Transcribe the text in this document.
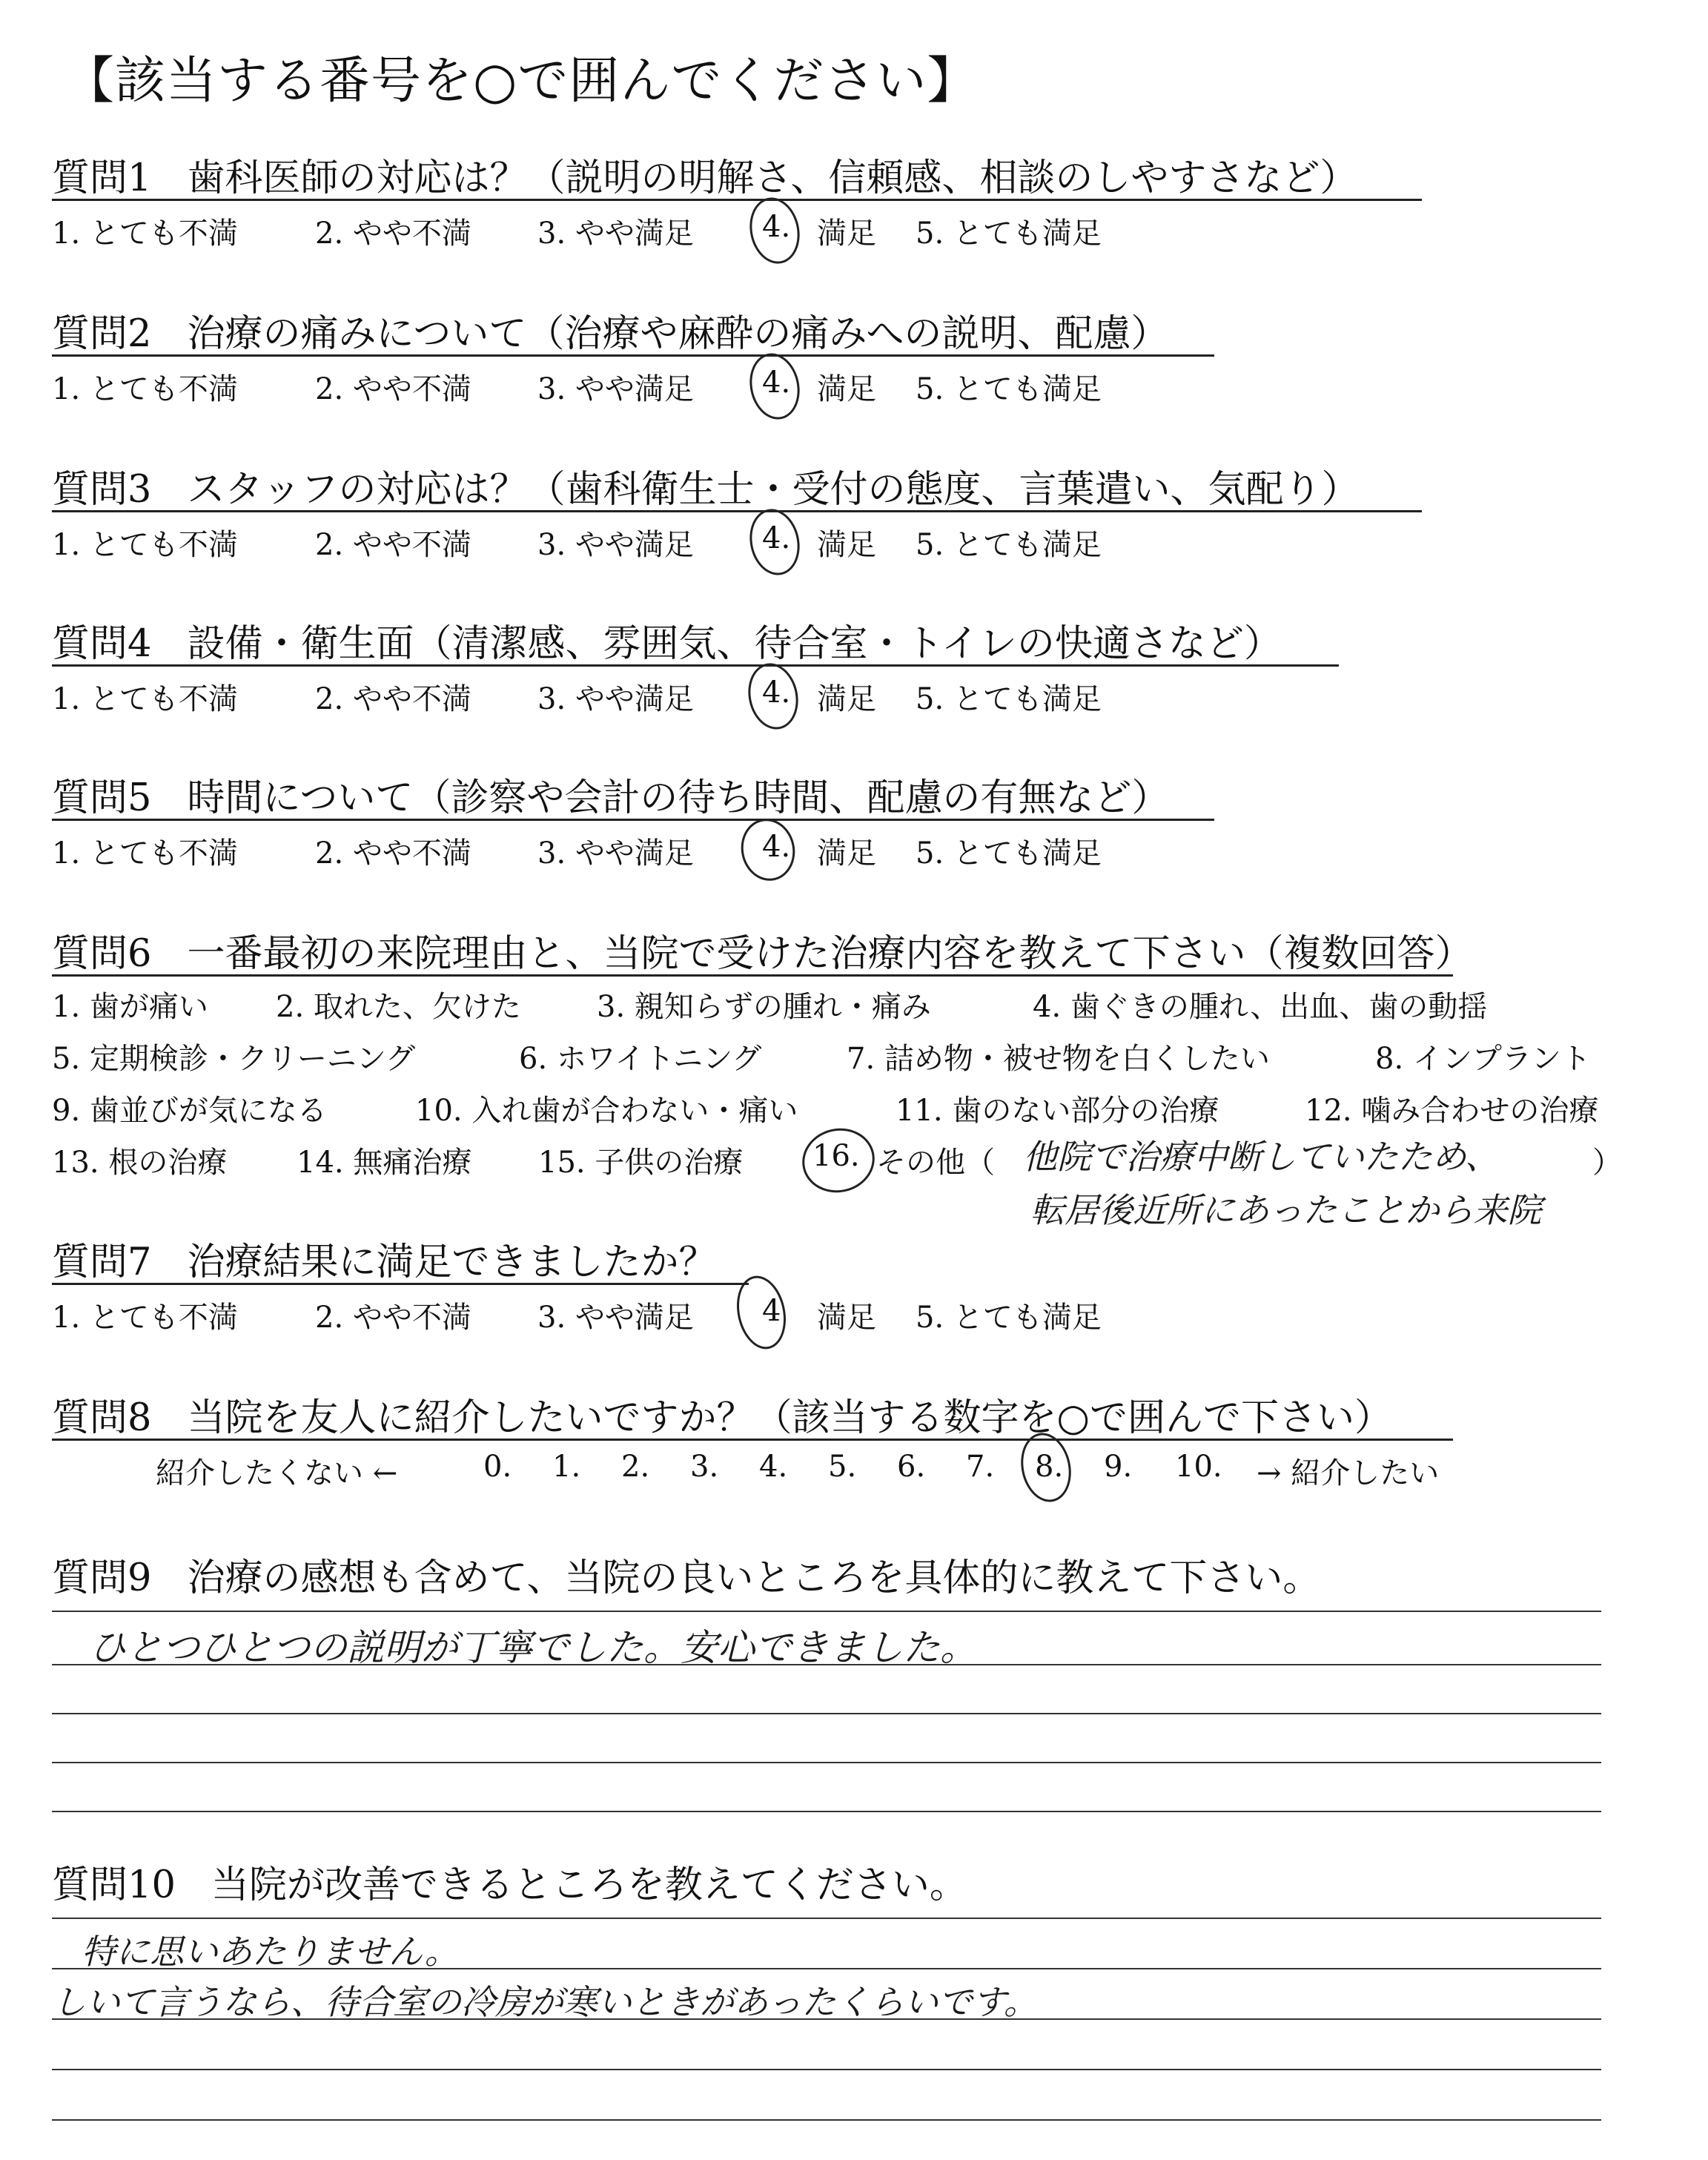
【該当する番号を○で囲んでください】
質問1 歯科医師の対応は？（説明の明解さ、信頼感、相談のしやすさなど）
1. とても不満	2. やや不満 3. やや満足 4. 満足 5. とても満足
質問2 治療の痛みについて（治療や麻酔の痛みへの説明、配慮）
1. とても不満	2. やや不満 3. やや満足 4. 満足 5. とても満足
質問3 スタッフの対応は？（歯科衛生士・受付の態度、言葉遣い、気配り）
1. とても不満	2. やや不満 3. やや満足 4. 満足 5. とても満足
質問4 設備・衛生面（清潔感、雰囲気、待合室・トイレの快適さなど）
1. とても不満	2. やや不満 3. やや満足 4. 満足 5. とても満足
質問5 時間について（診察や会計の待ち時間、配慮の有無など）
1. とても不満	2. やや不満 3. やや満足 4. 満足 5. とても満足
質問6 一番最初の来院理由と、当院で受けた治療内容を教えて下さい（複数回答）
1. 歯が痛い 2. 取れた、欠けた	3. 親知らずの腫れ・痛み	4. 歯ぐきの腫れ、出血、歯の動揺
5. 定期検診・クリーニング	6. ホワイトニング	7. 詰め物・被せ物を白くしたい	8. インプラント
9. 歯並びが気になる	10. 入れ歯が合わない・痛い	11. 歯のない部分の治療	12. 噛み合わせの治療
13. 根の治療 14. 無痛治療 15. 子供の治療 16. その他（	）
他院で治療中断していたため、
転居後近所にあったことから来院
質問7 治療結果に満足できましたか？
1. とても不満	2. やや不満 3. やや満足 4 満足 5. とても満足
質問8 当院を友人に紹介したいですか？（該当する数字を○で囲んで下さい）
紹介したくない ←	0. 1. 2. 3. 4. 5. 6. 7. 8. 9. 10. → 紹介したい
質問9 治療の感想も含めて、当院の良いところを具体的に教えて下さい。
ひとつひとつの説明が丁寧でした。安心できました。
質問10 当院が改善できるところを教えてください。
特に思いあたりません。
しいて言うなら、待合室の冷房が寒いときがあったくらいです。
